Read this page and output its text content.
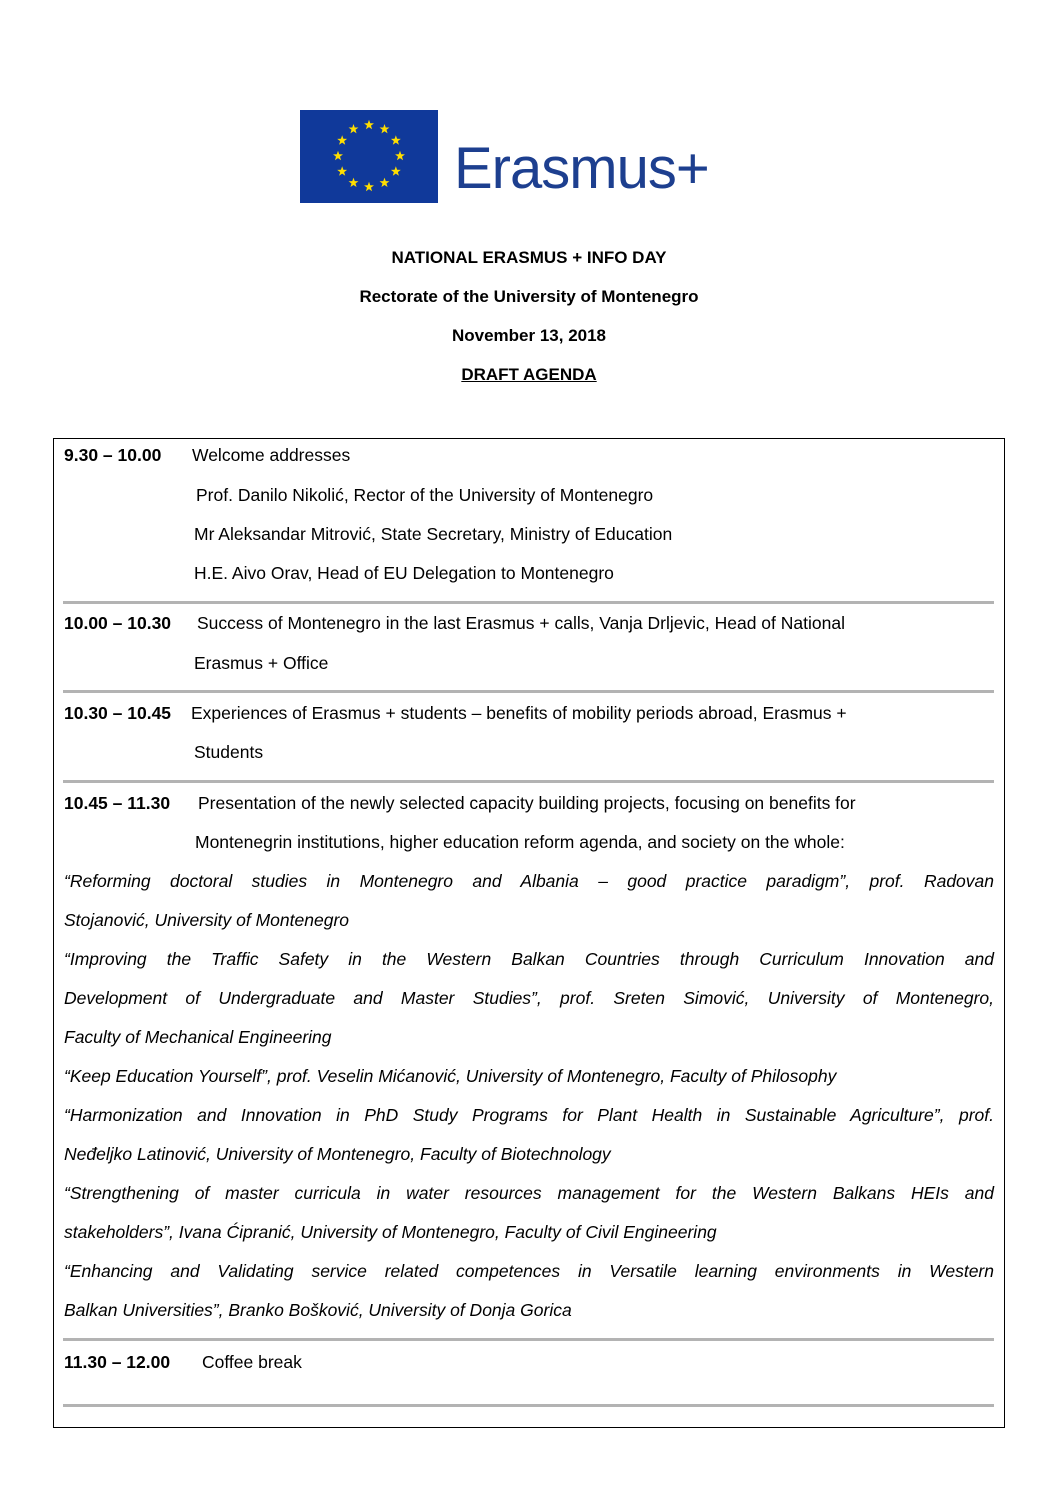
Erasmus+
NATIONAL ERASMUS + INFO DAY
Rectorate of the University of Montenegro
November 13, 2018
DRAFT AGENDA
9.30 – 10.00 Welcome addresses
Prof. Danilo Nikolić, Rector of the University of Montenegro
Mr Aleksandar Mitrović, State Secretary, Ministry of Education
H.E. Aivo Orav, Head of EU Delegation to Montenegro
10.00 – 10.30 Success of Montenegro in the last Erasmus + calls, Vanja Drljevic, Head of National
Erasmus + Office
10.30 – 10.45 Experiences of Erasmus + students – benefits of mobility periods abroad, Erasmus +
Students
10.45 – 11.30 Presentation of the newly selected capacity building projects, focusing on benefits for
Montenegrin institutions, higher education reform agenda, and society on the whole:
“Reforming doctoral studies in Montenegro and Albania – good practice paradigm”, prof. Radovan
Stojanović, University of Montenegro
“Improving the Traffic Safety in the Western Balkan Countries through Curriculum Innovation and
Development of Undergraduate and Master Studies”, prof. Sreten Simović, University of Montenegro,
Faculty of Mechanical Engineering
“Keep Education Yourself”, prof. Veselin Mićanović, University of Montenegro, Faculty of Philosophy
“Harmonization and Innovation in PhD Study Programs for Plant Health in Sustainable Agriculture”, prof.
Neđeljko Latinović, University of Montenegro, Faculty of Biotechnology
“Strengthening of master curricula in water resources management for the Western Balkans HEIs and
stakeholders”, Ivana Ćipranić, University of Montenegro, Faculty of Civil Engineering
“Enhancing and Validating service related competences in Versatile learning environments in Western
Balkan Universities”, Branko Bošković, University of Donja Gorica
11.30 – 12.00 Coffee break
